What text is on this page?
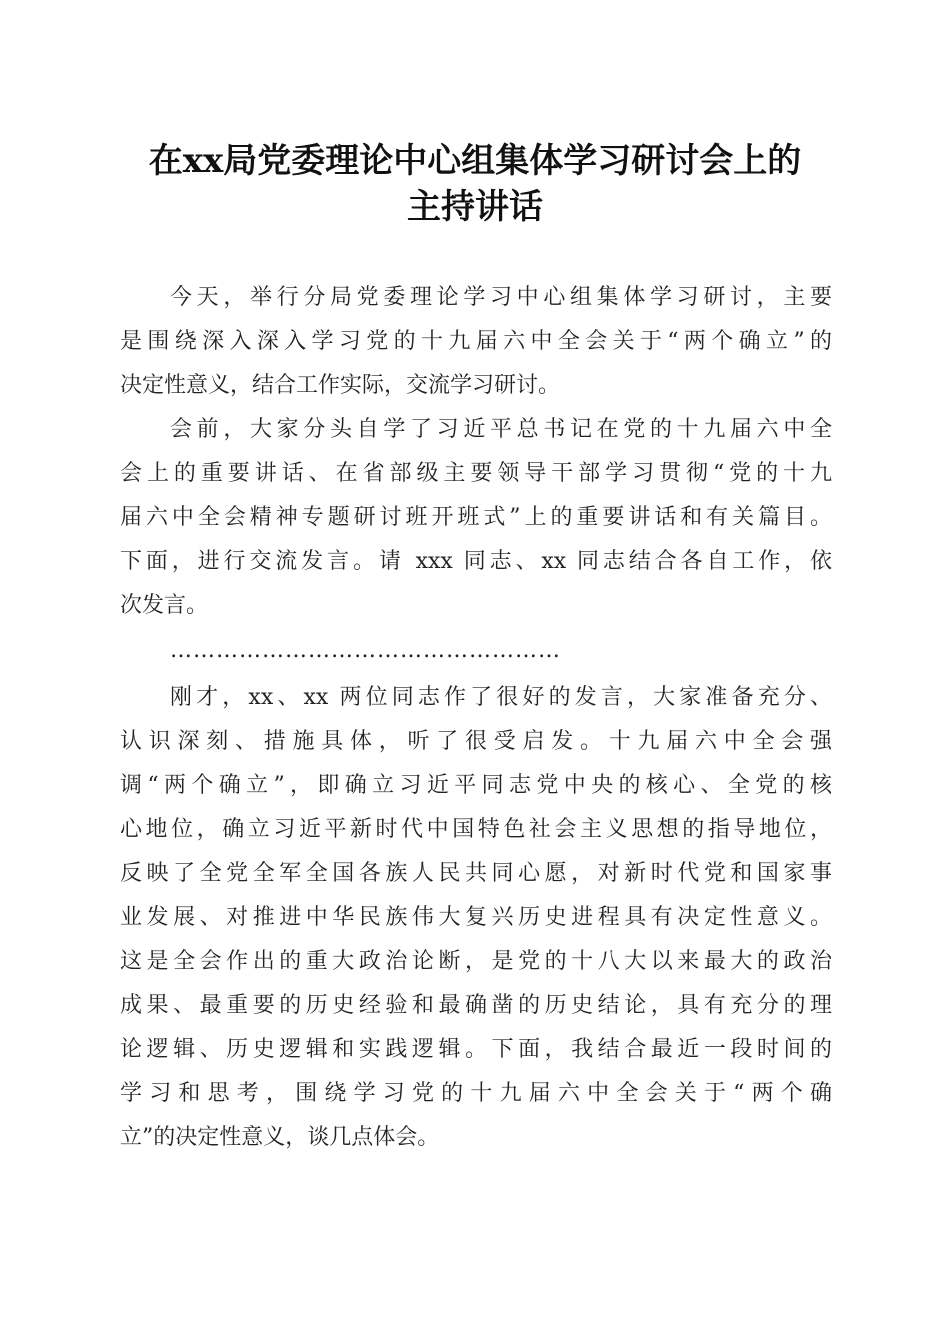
在xx局党委理论中心组集体学习研讨会上的
主持讲话
今天，举行分局党委理论学习中心组集体学习研讨，主要
是围绕深入深入学习党的十九届六中全会关于“两个确立”的
决定性意义，结合工作实际，交流学习研讨。
会前，大家分头自学了习近平总书记在党的十九届六中全
会上的重要讲话、在省部级主要领导干部学习贯彻“党的十九
届六中全会精神专题研讨班开班式”上的重要讲话和有关篇目。
下面，进行交流发言。请 xxx 同志、xx 同志结合各自工作，依
次发言。
……………………………………………
刚才，xx、xx 两位同志作了很好的发言，大家准备充分、
认识深刻、措施具体，听了很受启发。十九届六中全会强
调“两个确立”，即确立习近平同志党中央的核心、全党的核
心地位，确立习近平新时代中国特色社会主义思想的指导地位，
反映了全党全军全国各族人民共同心愿，对新时代党和国家事
业发展、对推进中华民族伟大复兴历史进程具有决定性意义。
这是全会作出的重大政治论断，是党的十八大以来最大的政治
成果、最重要的历史经验和最确凿的历史结论，具有充分的理
论逻辑、历史逻辑和实践逻辑。下面，我结合最近一段时间的
学习和思考，围绕学习党的十九届六中全会关于“两个确
立”的决定性意义，谈几点体会。
